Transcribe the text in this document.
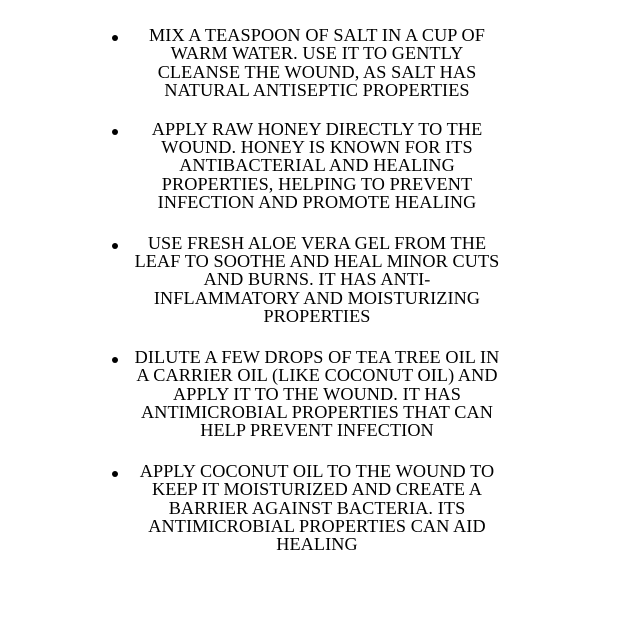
MIX A TEASPOON OF SALT IN A CUP OF WARM WATER. USE IT TO GENTLY CLEANSE THE WOUND, AS SALT HAS NATURAL ANTISEPTIC PROPERTIES
APPLY RAW HONEY DIRECTLY TO THE WOUND. HONEY IS KNOWN FOR ITS ANTIBACTERIAL AND HEALING PROPERTIES, HELPING TO PREVENT INFECTION AND PROMOTE HEALING
USE FRESH ALOE VERA GEL FROM THE LEAF TO SOOTHE AND HEAL MINOR CUTS AND BURNS. IT HAS ANTI-INFLAMMATORY AND MOISTURIZING PROPERTIES
DILUTE A FEW DROPS OF TEA TREE OIL IN A CARRIER OIL (LIKE COCONUT OIL) AND APPLY IT TO THE WOUND. IT HAS ANTIMICROBIAL PROPERTIES THAT CAN HELP PREVENT INFECTION
APPLY COCONUT OIL TO THE WOUND TO KEEP IT MOISTURIZED AND CREATE A BARRIER AGAINST BACTERIA. ITS ANTIMICROBIAL PROPERTIES CAN AID HEALING
